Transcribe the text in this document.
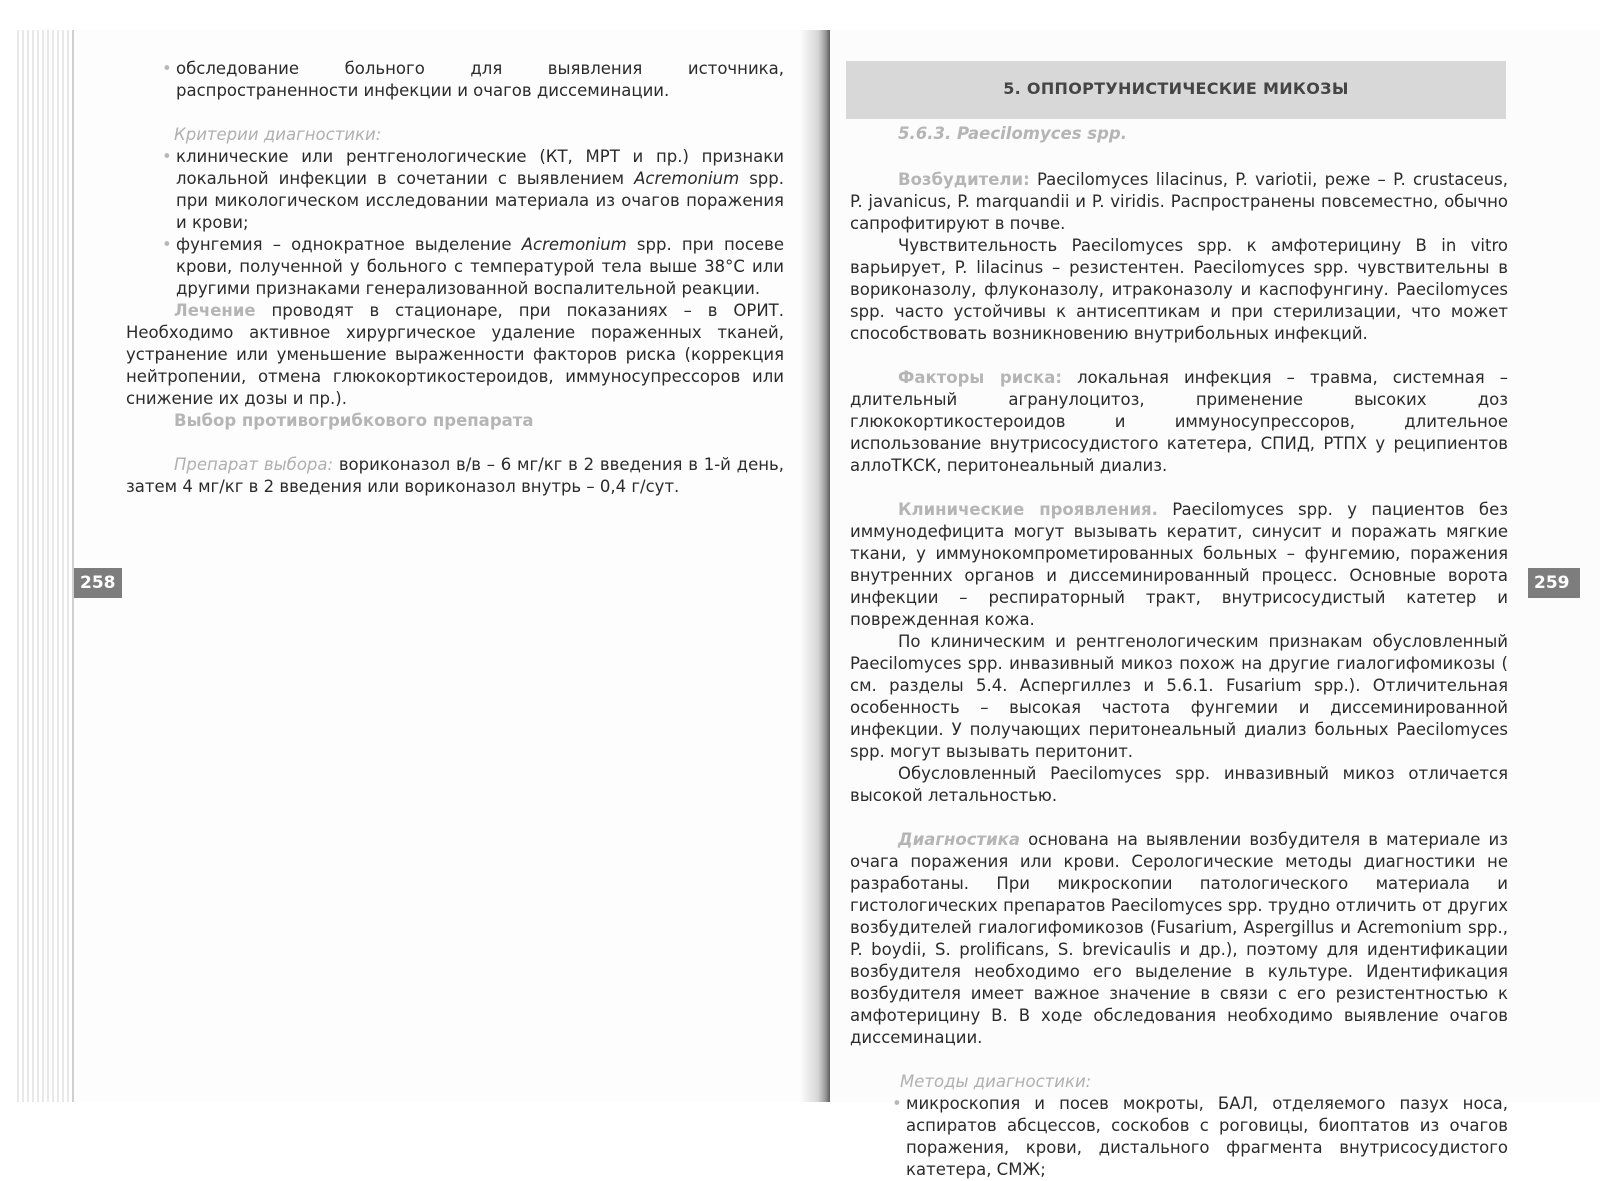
• обследование больного для выявления источника, распространенности инфекции и очагов диссеминации.
Критерии диагностики:
• клинические или рентгенологические (КТ, МРТ и пр.) признаки локальной инфекции в сочетании с выявлением Acremonium spp. при микологическом исследовании материала из очагов поражения и крови;
• фунгемия – однократное выделение Acremonium spp. при посеве крови, полученной у больного с температурой тела выше 38°С или другими признаками генерализованной воспалительной реакции.

Лечение проводят в стационаре, при показаниях – в ОРИТ. Необходимо активное хирургическое удаление пораженных тканей, устранение или уменьшение выраженности факторов риска (коррекция нейтропении, отмена глюкокортикостероидов, иммуносупрессоров или снижение их дозы и пр.).

Выбор противогрибкового препарата

Препарат выбора: вориконазол в/в – 6 мг/кг в 2 введения в 1-й день, затем 4 мг/кг в 2 введения или вориконазол внутрь – 0,4 г/сут.

258
5. ОППОРТУНИСТИЧЕСКИЕ МИКОЗЫ
5.6.3. Paecilomyces spp.

Возбудители: Paecilomyces lilacinus, P. variotii, реже – P. crustaceus, P. javanicus, P. marquandii и P. viridis. Распространены повсеместно, обычно сапрофитируют в почве.

Чувствительность Paecilomyces spp. к амфотерицину В in vitro варьирует, P. lilacinus – резистентен. Paecilomyces spp. чувствительны в вориконазолу, флуконазолу, итраконазолу и каспофунгину. Paecilomyces spp. часто устойчивы к антисептикам и при стерилизации, что может способствовать возникновению внутрибольных инфекций.

Факторы риска: локальная инфекция – травма, системная – длительный агранулоцитоз, применение высоких доз глюкокортикостероидов и иммуносупрессоров, длительное использование внутрисосудистого катетера, СПИД, РТПХ у реципиентов аллоТКСК, перитонеальный диализ.

Клинические проявления. Paecilomyces spp. у пациентов без иммунодефицита могут вызывать кератит, синусит и поражать мягкие ткани, у иммунокомпрометированных больных – фунгемию, поражения внутренних органов и диссеминированный процесс. Основные ворота инфекции – респираторный тракт, внутрисосудистый катетер и поврежденная кожа.

По клиническим и рентгенологическим признакам обусловленный Paecilomyces spp. инвазивный микоз похож на другие гиалогифомикозы ( см. разделы 5.4. Аспергиллез и 5.6.1. Fusarium spp.). Отличительная особенность – высокая частота фунгемии и диссеминированной инфекции. У получающих перитонеальный диализ больных Paecilomyces spp. могут вызывать перитонит.

Обусловленный Paecilomyces spp. инвазивный микоз отличается высокой летальностью.

Диагностика основана на выявлении возбудителя в материале из очага поражения или крови. Серологические методы диагностики не разработаны. При микроскопии патологического материала и гистологических препаратов Paecilomyces spp. трудно отличить от других возбудителей гиалогифомикозов (Fusarium, Aspergillus и Acremonium spp., P. boydii, S. prolificans, S. brevicaulis и др.), поэтому для идентификации возбудителя необходимо его выделение в культуре. Идентификация возбудителя имеет важное значение в связи с его резистентностью к амфотерицину В. В ходе обследования необходимо выявление очагов диссеминации.

Методы диагностики:

• микроскопия и посев мокроты, БАЛ, отделяемого пазух носа, аспиратов абсцессов, соскобов с роговицы, биоптатов из очагов поражения, крови, дистального фрагмента внутрисосудистого катетера, СМЖ;
259
